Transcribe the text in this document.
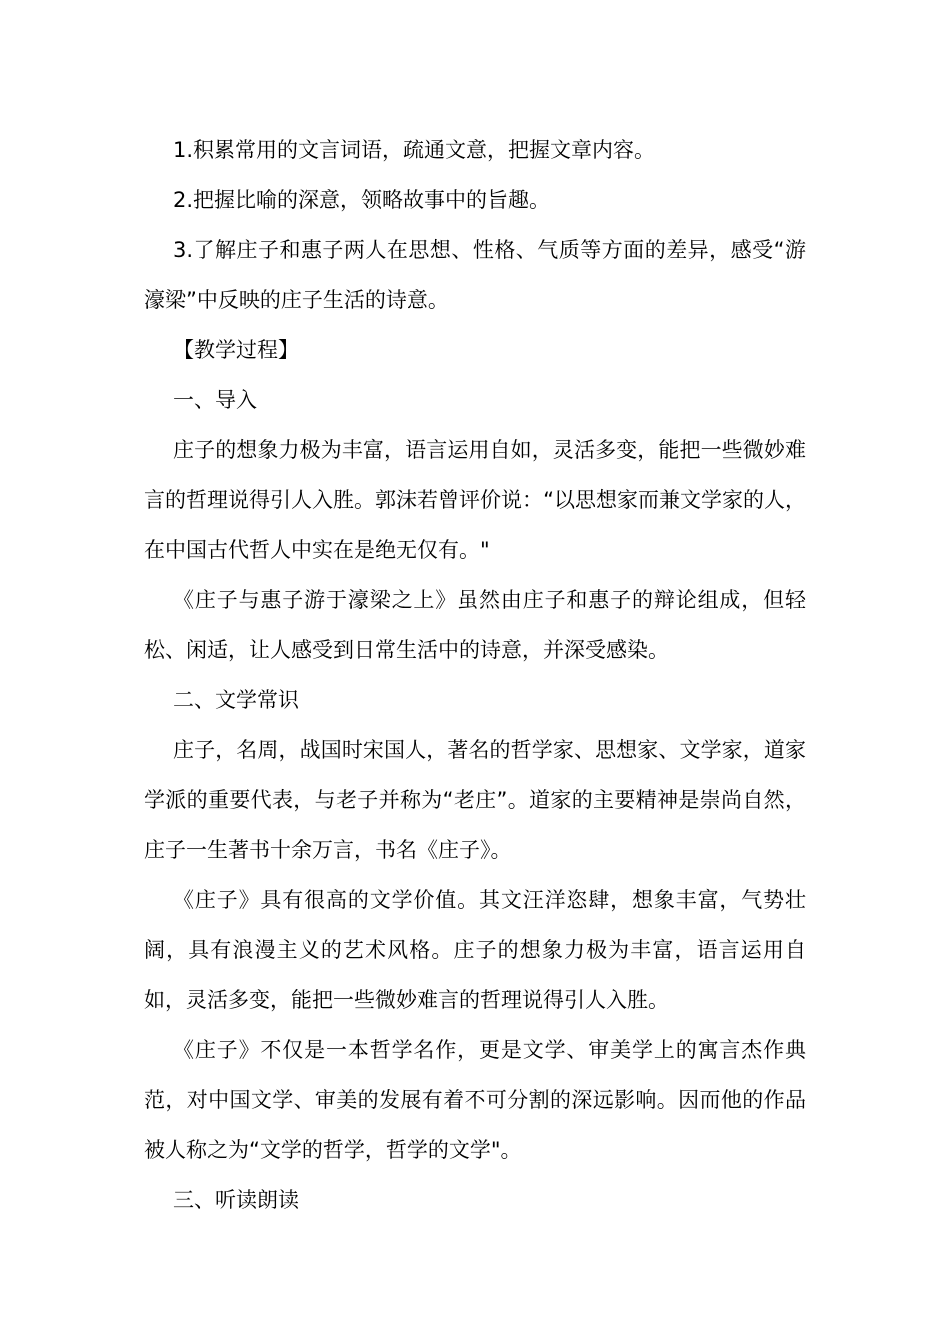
1.积累常用的文言词语，疏通文意，把握文章内容。

2.把握比喻的深意，领略故事中的旨趣。

3.了解庄子和惠子两人在思想、性格、气质等方面的差异，感受“游濠梁”中反映的庄子生活的诗意。

【教学过程】

一、导入

庄子的想象力极为丰富，语言运用自如，灵活多变，能把一些微妙难言的哲理说得引人入胜。郭沫若曾评价说：“以思想家而兼文学家的人，在中国古代哲人中实在是绝无仅有。"

《庄子与惠子游于濠梁之上》虽然由庄子和惠子的辩论组成，但轻松、闲适，让人感受到日常生活中的诗意，并深受感染。

二、文学常识

庄子，名周，战国时宋国人，著名的哲学家、思想家、文学家，道家学派的重要代表，与老子并称为“老庄”。道家的主要精神是崇尚自然，庄子一生著书十余万言，书名《庄子》。

《庄子》具有很高的文学价值。其文汪洋恣肆，想象丰富，气势壮阔，具有浪漫主义的艺术风格。庄子的想象力极为丰富，语言运用自如，灵活多变，能把一些微妙难言的哲理说得引人入胜。

《庄子》不仅是一本哲学名作，更是文学、审美学上的寓言杰作典范，对中国文学、审美的发展有着不可分割的深远影响。因而他的作品被人称之为“文学的哲学，哲学的文学"。

三、听读朗读
